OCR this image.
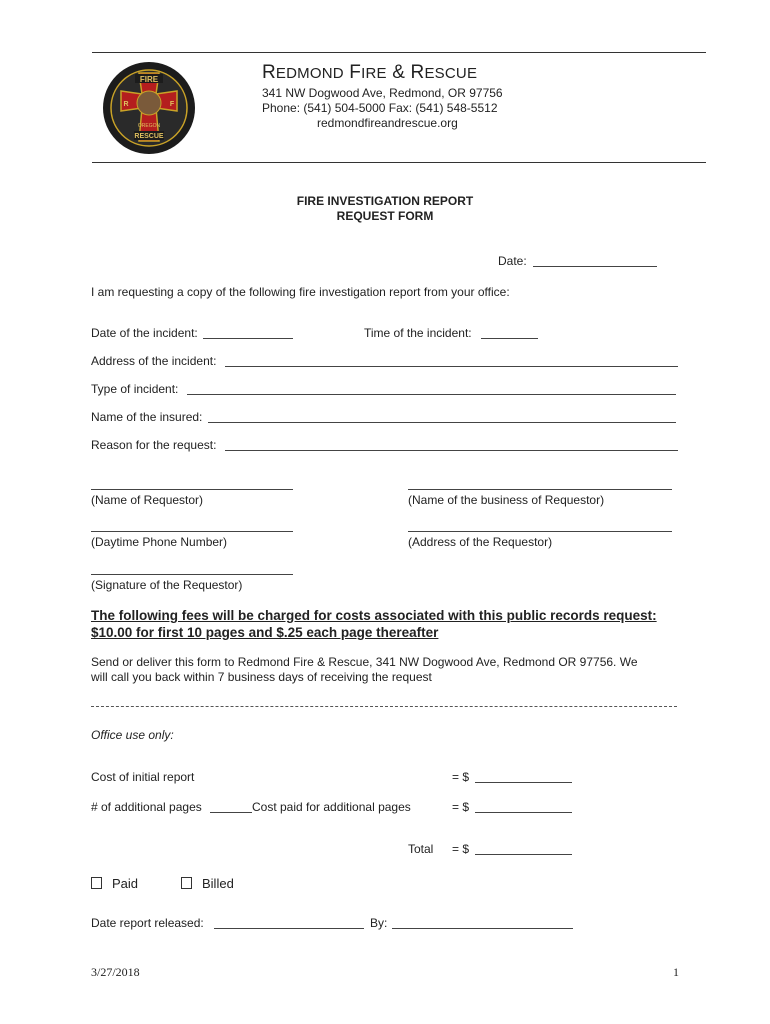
FIRE
OREGON
RESCUE
R	F
REDMOND FIRE & RESCUE
341 NW Dogwood Ave, Redmond, OR 97756
Phone: (541) 504-5000 Fax: (541) 548-5512
redmondfireandrescue.org
FIRE INVESTIGATION REPORT
REQUEST FORM
Date:
I am requesting a copy of the following fire investigation report from your office:
Date of the incident:	Time of the incident:
Address of the incident:
Type of incident:
Name of the insured:
Reason for the request:
(Name of Requestor)	(Name of the business of Requestor)
(Daytime Phone Number)	(Address of the Requestor)
(Signature of the Requestor)
The following fees will be charged for costs associated with this public records request:
$10.00 for first 10 pages and $.25 each page thereafter
Send or deliver this form to Redmond Fire & Rescue, 341 NW Dogwood Ave, Redmond OR 97756. We
will call you back within 7 business days of receiving the request
Office use only:
Cost of initial report	= $
# of additional pages	Cost paid for additional pages	= $
Total = $
Paid	Billed
Date report released:	By:
3/27/2018	1
